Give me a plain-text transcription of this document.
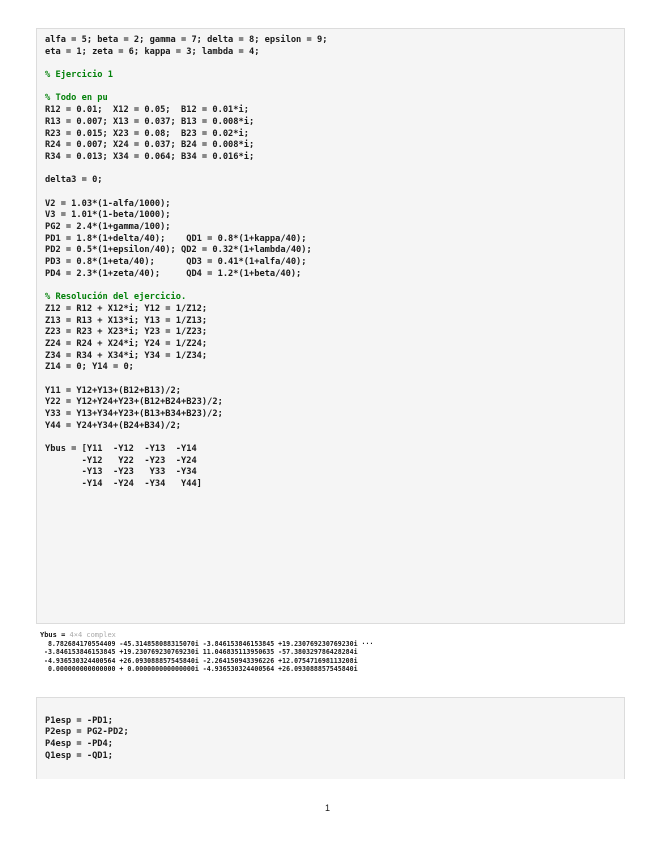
alfa = 5; beta = 2; gamma = 7; delta = 8; epsilon = 9;
eta = 1; zeta = 6; kappa = 3; lambda = 4;
% Ejercicio 1
% Todo en pu
R12 = 0.01;  X12 = 0.05;  B12 = 0.01*i;
R13 = 0.007; X13 = 0.037; B13 = 0.008*i;
R23 = 0.015; X23 = 0.08;  B23 = 0.02*i;
R24 = 0.007; X24 = 0.037; B24 = 0.008*i;
R34 = 0.013; X34 = 0.064; B34 = 0.016*i;
delta3 = 0;
V2 = 1.03*(1-alfa/1000);
V3 = 1.01*(1-beta/1000);
PG2 = 2.4*(1+gamma/100);
PD1 = 1.8*(1+delta/40);    QD1 = 0.8*(1+kappa/40);
PD2 = 0.5*(1+epsilon/40); QD2 = 0.32*(1+lambda/40);
PD3 = 0.8*(1+eta/40);      QD3 = 0.41*(1+alfa/40);
PD4 = 2.3*(1+zeta/40);     QD4 = 1.2*(1+beta/40);
% Resolución del ejercicio.
Z12 = R12 + X12*i; Y12 = 1/Z12;
Z13 = R13 + X13*i; Y13 = 1/Z13;
Z23 = R23 + X23*i; Y23 = 1/Z23;
Z24 = R24 + X24*i; Y24 = 1/Z24;
Z34 = R34 + X34*i; Y34 = 1/Z34;
Z14 = 0; Y14 = 0;
Y11 = Y12+Y13+(B12+B13)/2;
Y22 = Y12+Y24+Y23+(B12+B24+B23)/2;
Y33 = Y13+Y34+Y23+(B13+B34+B23)/2;
Y44 = Y24+Y34+(B24+B34)/2;
Ybus = [Y11  -Y12  -Y13  -Y14
-Y12   Y22  -Y23  -Y24
-Y13  -Y23   Y33  -Y34
-Y14  -Y24  -Y34   Y44]
Ybus = 4×4 complex
8.782684170554409 -45.314858088315070i -3.846153846153845 +19.230769230769230i ···
-3.846153846153845 +19.230769230769230i 11.046835113950635 -57.380329786428284i
-4.936530324400564 +26.093088857545840i -2.264150943396226 +12.075471698113208i
0.000000000000000 + 0.000000000000000i -4.936530324400564 +26.093088857545840i
P1esp = -PD1;
P2esp = PG2-PD2;
P4esp = -PD4;
Q1esp = -QD1;
1
